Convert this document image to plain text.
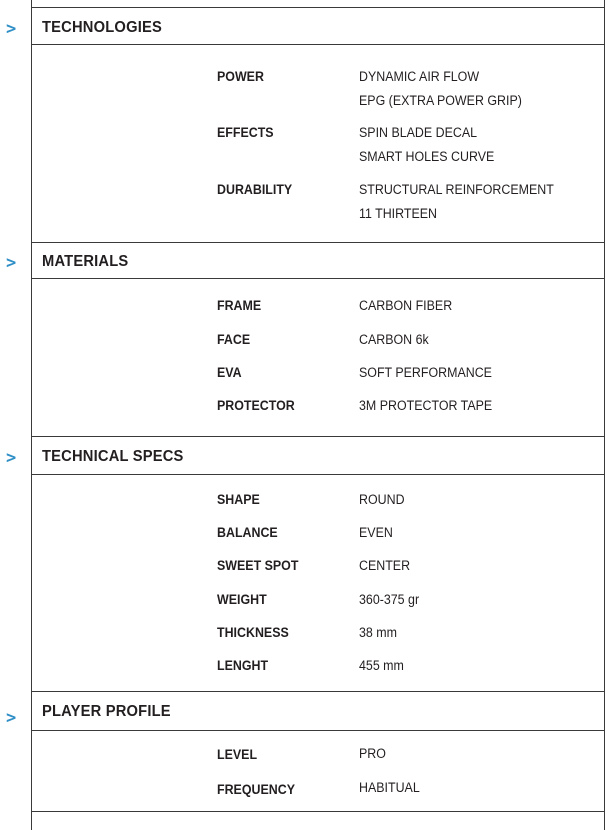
>	TECHNOLOGIES
POWER	DYNAMIC AIR FLOW
EPG (EXTRA POWER GRIP)
EFFECTS	SPIN BLADE DECAL
SMART HOLES CURVE
DURABILITY	STRUCTURAL REINFORCEMENT
11 THIRTEEN
>	MATERIALS
FRAME	CARBON FIBER
FACE	CARBON 6k
EVA	SOFT PERFORMANCE
PROTECTOR	3M PROTECTOR TAPE
>	TECHNICAL SPECS
SHAPE	ROUND
BALANCE	EVEN
SWEET SPOT	CENTER
WEIGHT	360-375 gr
THICKNESS	38 mm
LENGHT	455 mm
>	PLAYER PROFILE
LEVEL	PRO
FREQUENCY	HABITUAL
